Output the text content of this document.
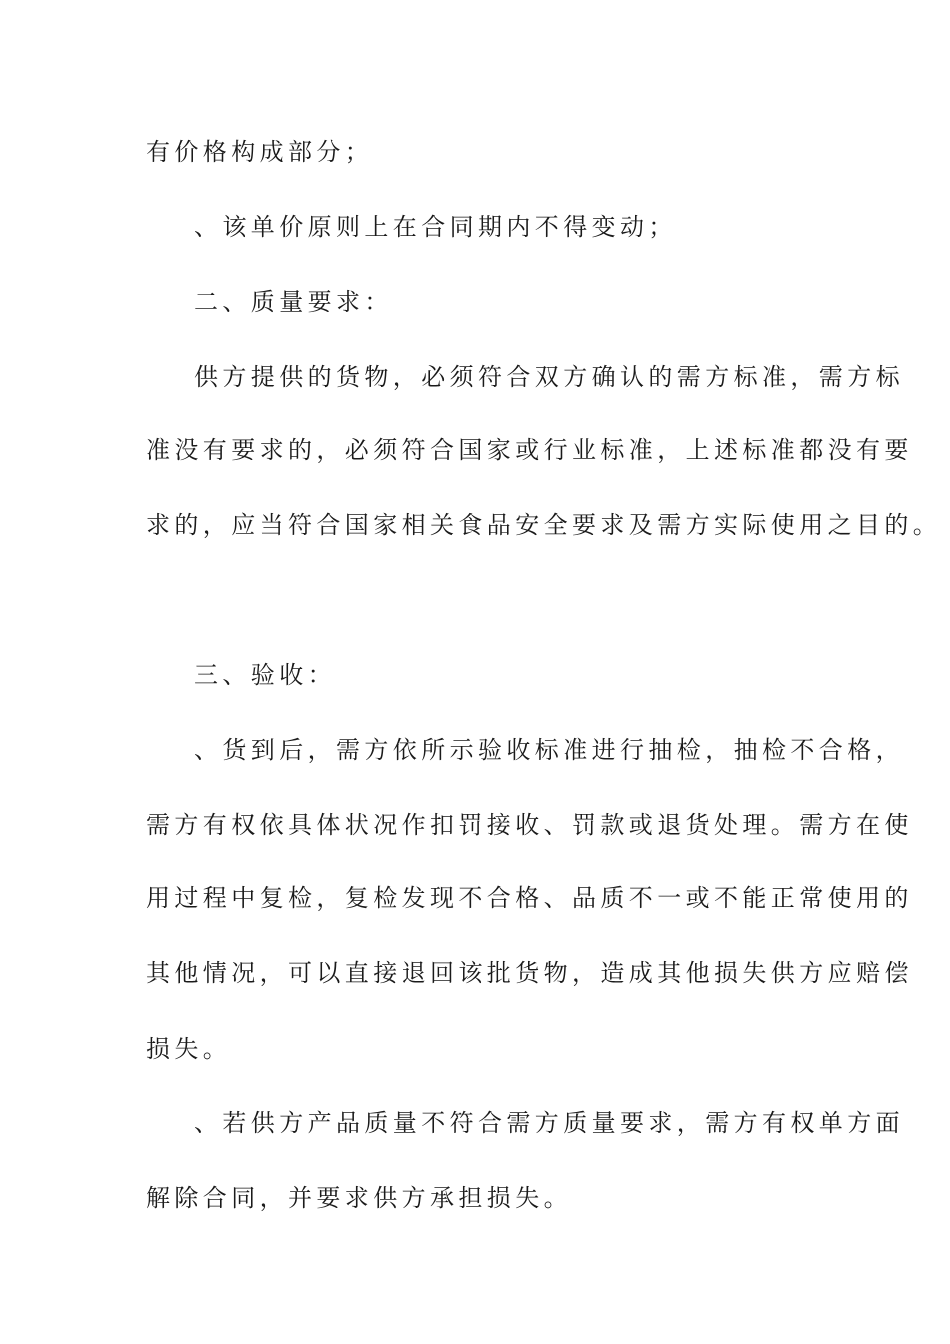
有价格构成部分；
、该单价原则上在合同期内不得变动；
二、质量要求：
供方提供的货物，必须符合双方确认的需方标准，需方标
准没有要求的，必须符合国家或行业标准，上述标准都没有要
求的，应当符合国家相关食品安全要求及需方实际使用之目的。
三、验收：
、货到后，需方依所示验收标准进行抽检，抽检不合格，
需方有权依具体状况作扣罚接收、罚款或退货处理。需方在使
用过程中复检，复检发现不合格、品质不一或不能正常使用的
其他情况，可以直接退回该批货物，造成其他损失供方应赔偿
损失。
、若供方产品质量不符合需方质量要求，需方有权单方面
解除合同，并要求供方承担损失。
